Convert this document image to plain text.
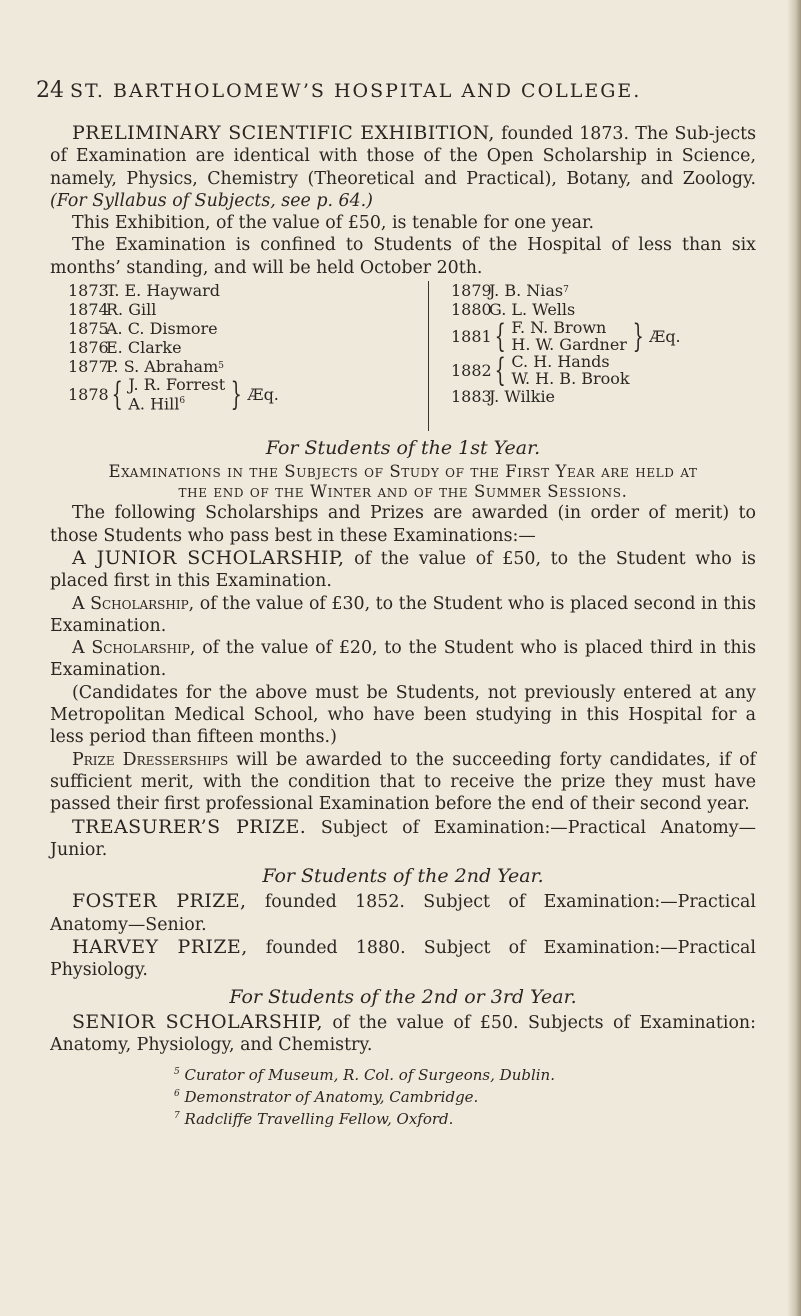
24 ST. BARTHOLOMEW’S HOSPITAL AND COLLEGE.

PRELIMINARY SCIENTIFIC EXHIBITION, founded 1873. The Sub-jects of Examination are identical with those of the Open Scholarship in Science, namely, Physics, Chemistry (Theoretical and Practical), Botany, and Zoology. (For Syllabus of Subjects, see p. 64.)

This Exhibition, of the value of £50, is tenable for one year.

The Examination is confined to Students of the Hospital of less than six months’ standing, and will be held October 20th.

1873
T. E. Hayward
1874
R. Gill
1875
A. C. Dismore
1876
E. Clarke
1877
P. S. Abraham 5
1878 { J. R. Forrest
A. Hill$^6$	} Æq.
1879
J. B. Nias 7
1880
G. L. Wells
1881 { F. N. Brown
H. W. Gardner } Æq.
1882 { C. H. Hands
W. H. B. Brook
1883
J. Wilkie
For Students of the 1st Year.
Examinations in the Subjects of Study of the First Year are held at
the end of the Winter and of the Summer Sessions.

The following Scholarships and Prizes are awarded (in order of merit) to those Students who pass best in these Examinations:—

A JUNIOR SCHOLARSHIP, of the value of £50, to the Student who is placed first in this Examination.

A Scholarship, of the value of £30, to the Student who is placed second in this Examination.

A Scholarship, of the value of £20, to the Student who is placed third in this Examination.

(Candidates for the above must be Students, not previously entered at any Metropolitan Medical School, who have been studying in this Hospital for a less period than fifteen months.)

Prize Dresserships will be awarded to the succeeding forty candidates, if of sufficient merit, with the condition that to receive the prize they must have passed their first professional Examination before the end of their second year.

TREASURER’S PRIZE. Subject of Examination:—Practical Anatomy—Junior.

For Students of the 2nd Year.

FOSTER PRIZE, founded 1852. Subject of Examination:—Practical Anatomy—Senior.

HARVEY PRIZE, founded 1880. Subject of Examination:—Practical Physiology.

For Students of the 2nd or 3rd Year.

SENIOR SCHOLARSHIP, of the value of £50. Subjects of Examination: Anatomy, Physiology, and Chemistry.

$^5$ Curator of Museum, R. Col. of Surgeons, Dublin.
$^6$ Demonstrator of Anatomy, Cambridge.
$^7$ Radcliffe Travelling Fellow, Oxford.
